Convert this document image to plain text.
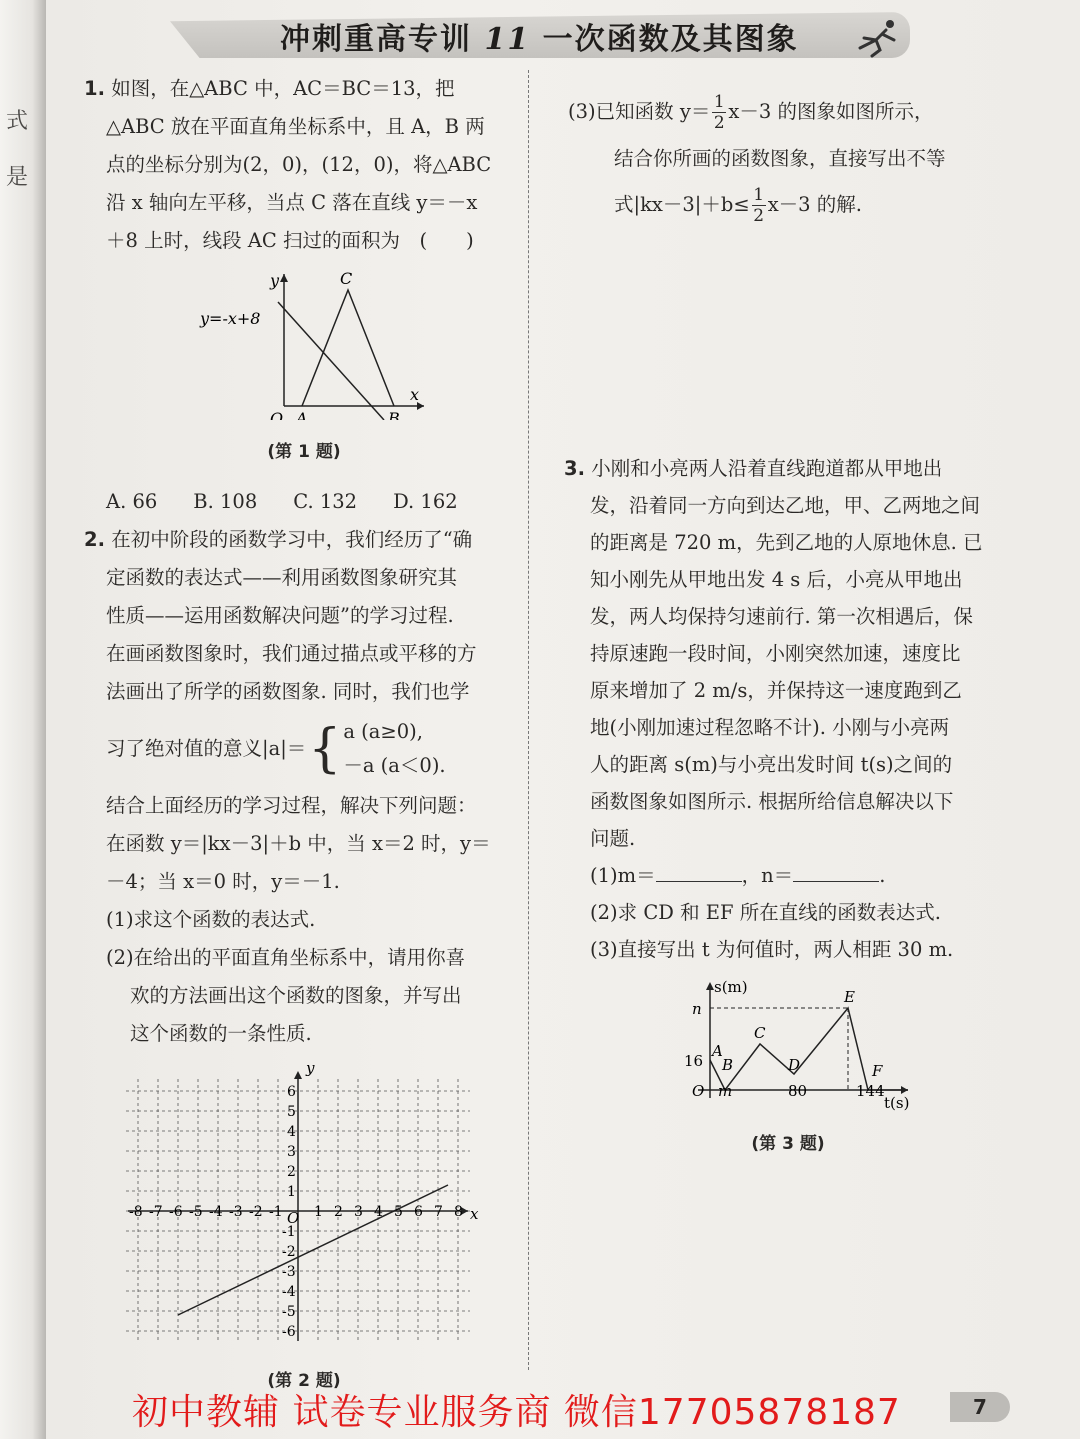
式
是
冲刺重高专训 11 一次函数及其图象

1. 如图，在△ABC 中，AC＝BC＝13，把

△ABC 放在平面直角坐标系中，且 A，B 两

点的坐标分别为(2，0)，(12，0)，将△ABC

沿 x 轴向左平移，当点 C 落在直线 y＝－x

＋8 上时，线段 AC 扫过的面积为　(　　)

y=-x+8
y
x
O A	B
C

(第 1 题)

A. 66 B. 108 C. 132 D. 162

2. 在初中阶段的函数学习中，我们经历了“确

定函数的表达式——利用函数图象研究其

性质——运用函数解决问题”的学习过程.

在画函数图象时，我们通过描点或平移的方

法画出了所学的函数图象. 同时，我们也学

习了绝对值的意义|a|＝ { a (a≥0),
－a (a＜0).

结合上面经历的学习过程，解决下列问题：

在函数 y＝|kx－3|＋b 中，当 x＝2 时，y＝

－4；当 x＝0 时，y＝－1.

(1)求这个函数的表达式.

(2)在给出的平面直角坐标系中，请用你喜

欢的方法画出这个函数的图象，并写出

这个函数的一条性质.

-8 -7 -6 -5 -4 -3 -2 -1 1 2 3 4 5 6 7 8
6
5
4
3
2
1
-1
-2
-3
-4
-5
-6
x
y
O

(第 2 题)

(3)已知函数 y＝ 1
2 x－3 的图象如图所示，

结合你所画的函数图象，直接写出不等

式|kx－3|＋b≤ 1
2 x－3 的解.

3. 小刚和小亮两人沿着直线跑道都从甲地出

发，沿着同一方向到达乙地，甲、乙两地之间

的距离是 720 m，先到乙地的人原地休息. 已

知小刚先从甲地出发 4 s 后，小亮从甲地出

发，两人均保持匀速前行. 第一次相遇后，保

持原速跑一段时间，小刚突然加速，速度比

原来增加了 2 m/s，并保持这一速度跑到乙

地(小刚加速过程忽略不计). 小刚与小亮两

人的距离 s(m)与小亮出发时间 t(s)之间的

函数图象如图所示. 根据所给信息解决以下

问题.

(1)m＝	，n＝	.

(2)求 CD 和 EF 所在直线的函数表达式.

(3)直接写出 t 为何值时，两人相距 30 m.

s(m)
t(s)
n
16
O m	80	144
A
B
C
D
E
F

(第 3 题)

初中教辅 试卷专业服务商 微信17705878187	7
